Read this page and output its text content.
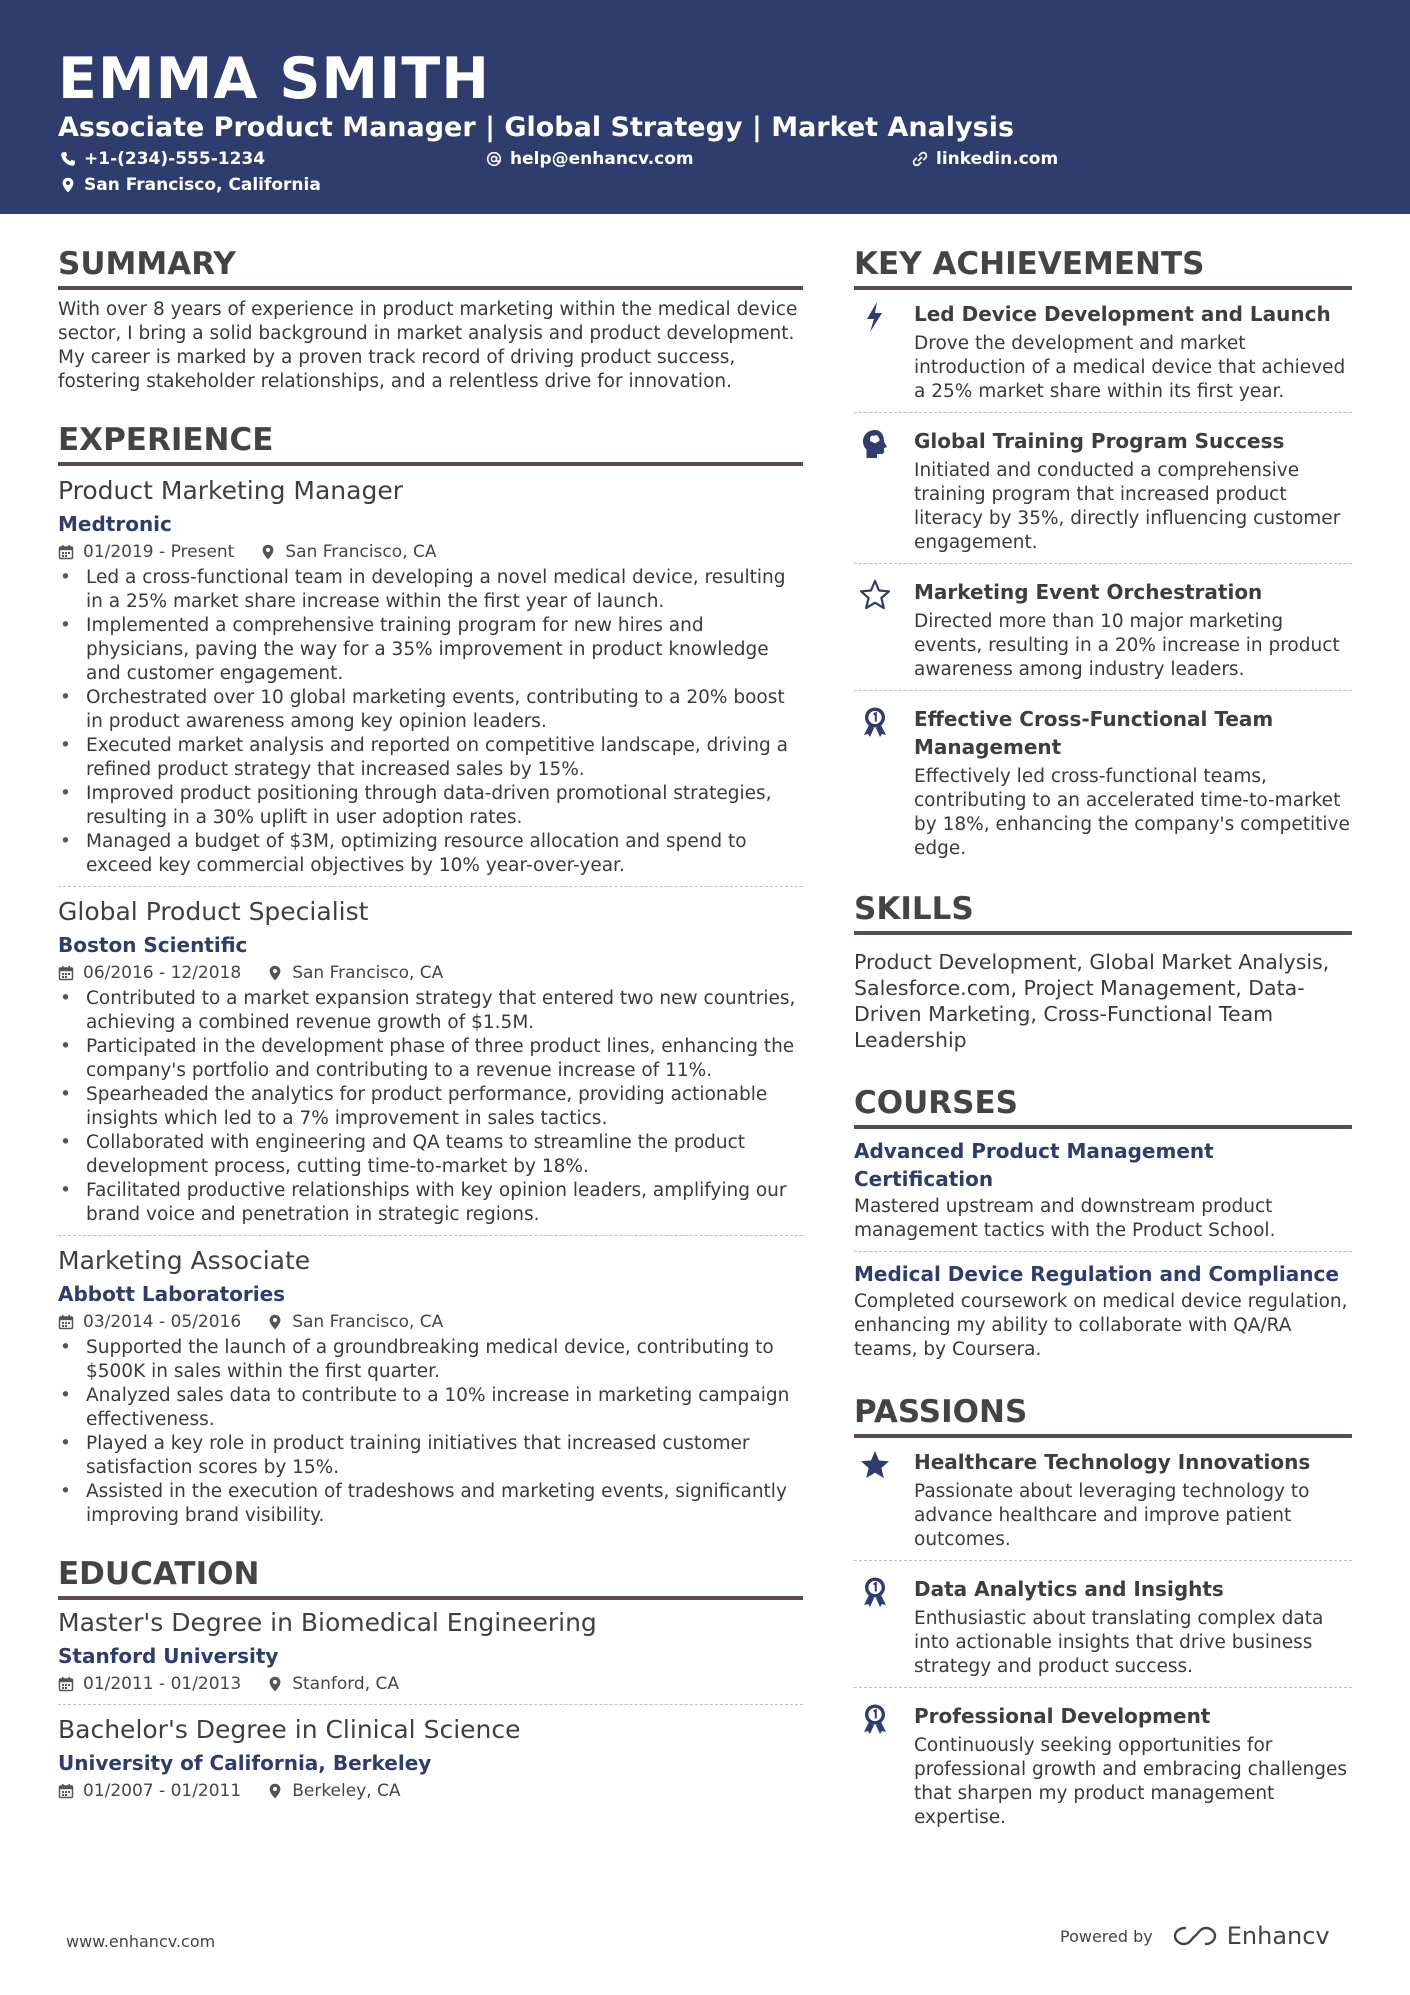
EMMA SMITH
Associate Product Manager | Global Strategy | Market Analysis
+1-(234)-555-1234	help@enhancv.com	linkedin.com
San Francisco, California
SUMMARY

With over 8 years of experience in product marketing within the medical device sector, I bring a solid background in market analysis and product development. My career is marked by a proven track record of driving product success, fostering stakeholder relationships, and a relentless drive for innovation.

EXPERIENCE
Product Marketing Manager
Medtronic
01/2019 - Present	San Francisco, CA
• Led a cross-functional team in developing a novel medical device, resulting in a 25% market share increase within the first year of launch.
• Implemented a comprehensive training program for new hires and physicians, paving the way for a 35% improvement in product knowledge and customer engagement.
• Orchestrated over 10 global marketing events, contributing to a 20% boost in product awareness among key opinion leaders.
• Executed market analysis and reported on competitive landscape, driving a refined product strategy that increased sales by 15%.
• Improved product positioning through data-driven promotional strategies, resulting in a 30% uplift in user adoption rates.
• Managed a budget of $3M, optimizing resource allocation and spend to exceed key commercial objectives by 10% year-over-year.
Global Product Specialist
Boston Scientific
06/2016 - 12/2018	San Francisco, CA
• Contributed to a market expansion strategy that entered two new countries, achieving a combined revenue growth of $1.5M.
• Participated in the development phase of three product lines, enhancing the company's portfolio and contributing to a revenue increase of 11%.
• Spearheaded the analytics for product performance, providing actionable insights which led to a 7% improvement in sales tactics.
• Collaborated with engineering and QA teams to streamline the product development process, cutting time-to-market by 18%.
• Facilitated productive relationships with key opinion leaders, amplifying our brand voice and penetration in strategic regions.
Marketing Associate
Abbott Laboratories
03/2014 - 05/2016	San Francisco, CA
• Supported the launch of a groundbreaking medical device, contributing to $500K in sales within the first quarter.
• Analyzed sales data to contribute to a 10% increase in marketing campaign effectiveness.
• Played a key role in product training initiatives that increased customer satisfaction scores by 15%.
• Assisted in the execution of tradeshows and marketing events, significantly improving brand visibility.
EDUCATION
Master's Degree in Biomedical Engineering
Stanford University
01/2011 - 01/2013	Stanford, CA
Bachelor's Degree in Clinical Science
University of California, Berkeley
01/2007 - 01/2011	Berkeley, CA
KEY ACHIEVEMENTS
Led Device Development and Launch
Drove the development and market introduction of a medical device that achieved a 25% market share within its first year.
Global Training Program Success
Initiated and conducted a comprehensive training program that increased product literacy by 35%, directly influencing customer engagement.
Marketing Event Orchestration
Directed more than 10 major marketing events, resulting in a 20% increase in product awareness among industry leaders.
Effective Cross-Functional Team Management
Effectively led cross-functional teams, contributing to an accelerated time-to-market by 18%, enhancing the company's competitive edge.
SKILLS
Product Development, Global Market Analysis, Salesforce.com, Project Management, Data-Driven Marketing, Cross-Functional Team Leadership
COURSES
Advanced Product Management Certification
Mastered upstream and downstream product management tactics with the Product School.
Medical Device Regulation and Compliance
Completed coursework on medical device regulation, enhancing my ability to collaborate with QA/RA teams, by Coursera.
PASSIONS
Healthcare Technology Innovations
Passionate about leveraging technology to advance healthcare and improve patient outcomes.
Data Analytics and Insights
Enthusiastic about translating complex data into actionable insights that drive business strategy and product success.
Professional Development
Continuously seeking opportunities for professional growth and embracing challenges that sharpen my product management expertise.
www.enhancv.com	Powered by	Enhancv
